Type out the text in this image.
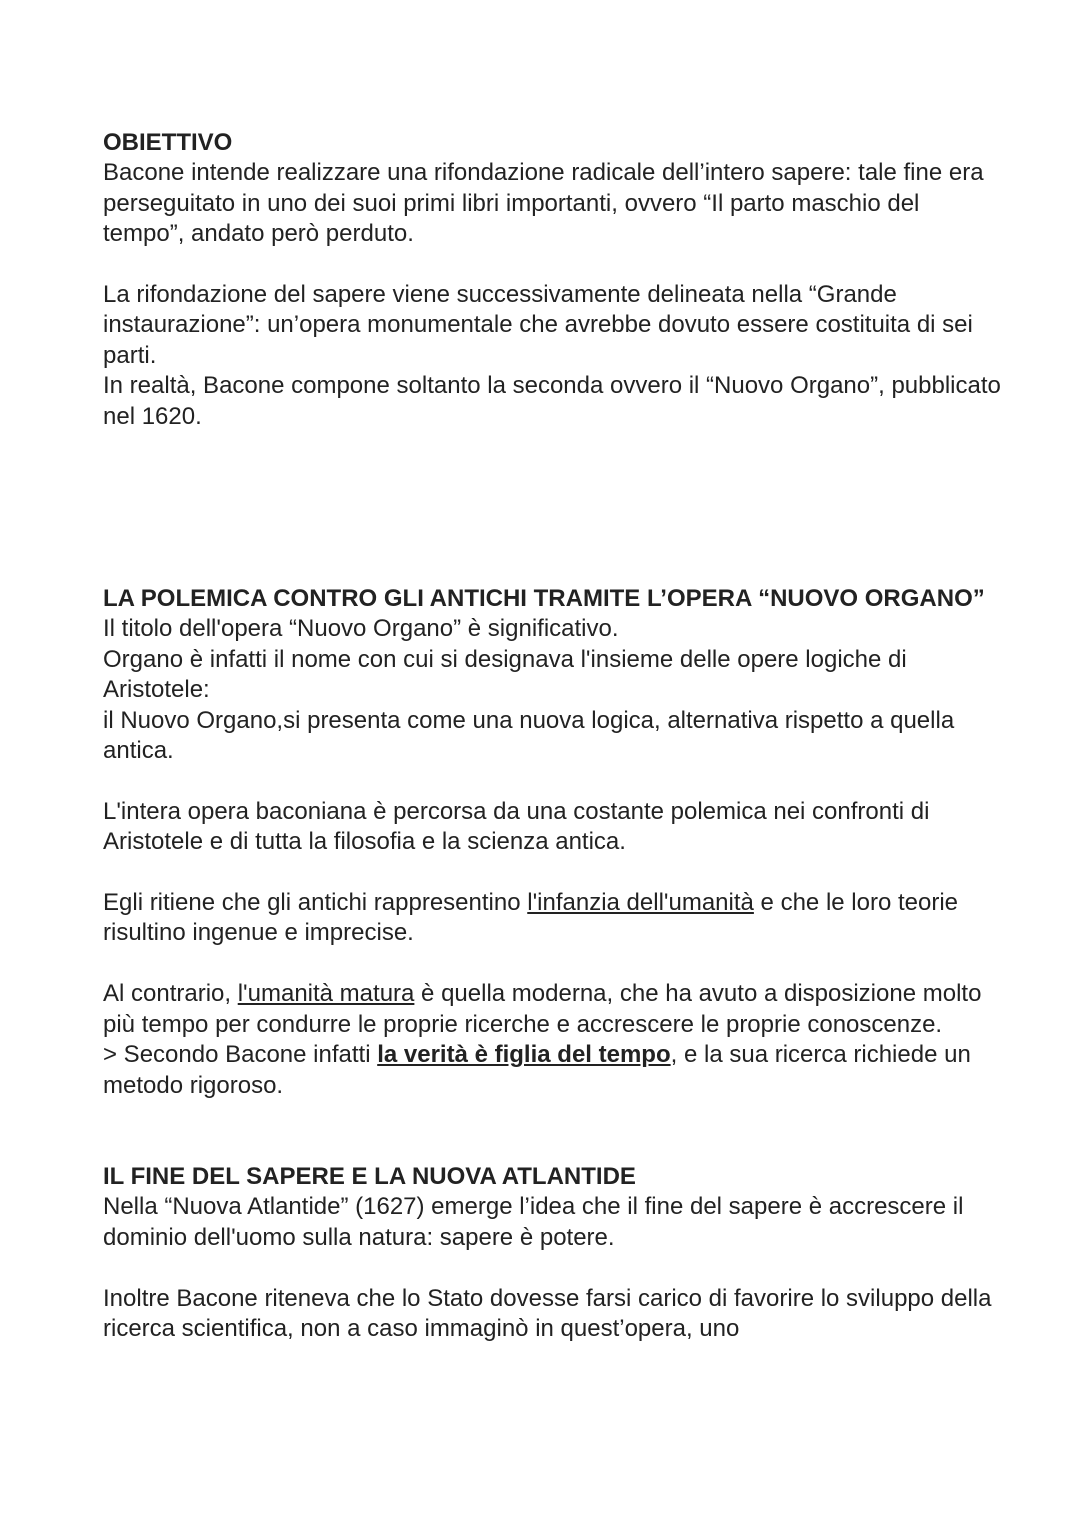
OBIETTIVO

Bacone intende realizzare una rifondazione radicale dell’intero sapere: tale fine era perseguitato in uno dei suoi primi libri importanti, ovvero “Il parto maschio del tempo”, andato però perduto.

La rifondazione del sapere viene successivamente delineata nella “Grande instaurazione”: un’opera monumentale che avrebbe dovuto essere costituita di sei parti.

In realtà, Bacone compone soltanto la seconda ovvero il “Nuovo Organo”, pubblicato nel 1620.

LA POLEMICA CONTRO GLI ANTICHI TRAMITE L’OPERA “NUOVO ORGANO”

Il titolo dell'opera “Nuovo Organo” è significativo.

Organo è infatti il nome con cui si designava l'insieme delle opere logiche di Aristotele:

il Nuovo Organo,si presenta come una nuova logica, alternativa rispetto a quella antica.

L'intera opera baconiana è percorsa da una costante polemica nei confronti di Aristotele e di tutta la filosofia e la scienza antica.

Egli ritiene che gli antichi rappresentino l'infanzia dell'umanità e che le loro teorie risultino ingenue e imprecise.

Al contrario, l'umanità matura è quella moderna, che ha avuto a disposizione molto più tempo per condurre le proprie ricerche e accrescere le proprie conoscenze.

> Secondo Bacone infatti la verità è figlia del tempo, e la sua ricerca richiede un metodo rigoroso.

IL FINE DEL SAPERE E LA NUOVA ATLANTIDE

Nella “Nuova Atlantide” (1627) emerge l’idea che il fine del sapere è accrescere il dominio dell'uomo sulla natura: sapere è potere.

Inoltre Bacone riteneva che lo Stato dovesse farsi carico di favorire lo sviluppo della ricerca scientifica, non a caso immaginò in quest’opera, uno
